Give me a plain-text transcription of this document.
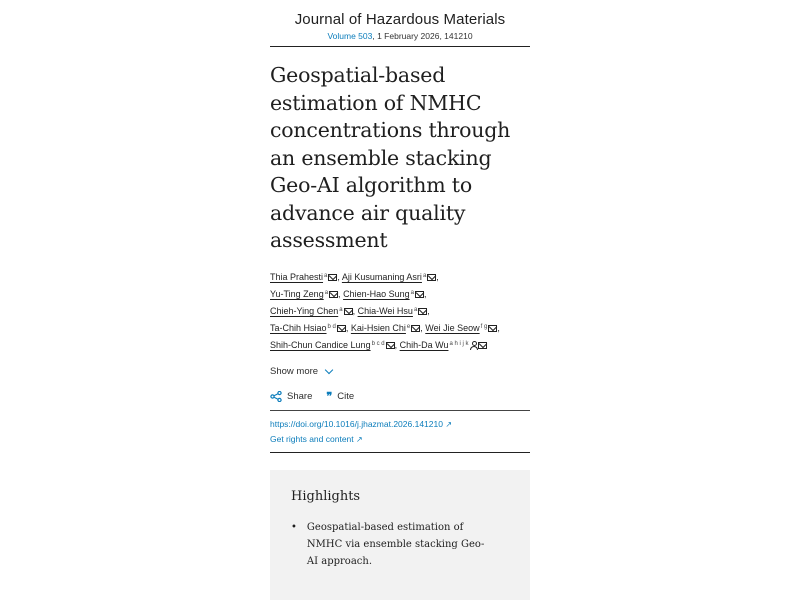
Journal of Hazardous Materials
Volume 503, 1 February 2026, 141210
Geospatial-based estimation of NMHC concentrations through an ensemble stacking Geo-AI algorithm to advance air quality assessment
Thia Prahesti$^a$ , Aji Kusumaning Asri$^a$ ,
Yu-Ting Zeng$^a$ , Chien-Hao Sung$^a$ ,
Chieh-Ying Chen$^a$ , Chia-Wei Hsu$^a$ ,
Ta-Chih Hsiao$^{b d}$ , Kai-Hsien Chi$^e$ , Wei Jie Seow$^{f g}$ ,
Shih-Chun Candice Lung$^{b c d}$ , Chih-Da $Wu^{a h i j k}$
Show more
Share ❞ Cite
https://doi.org/10.1016/j.jhazmat.2026.141210 ↗
Get rights and content ↗
Highlights
• Geospatial-based estimation of NMHC via ensemble stacking Geo-AI approach.
